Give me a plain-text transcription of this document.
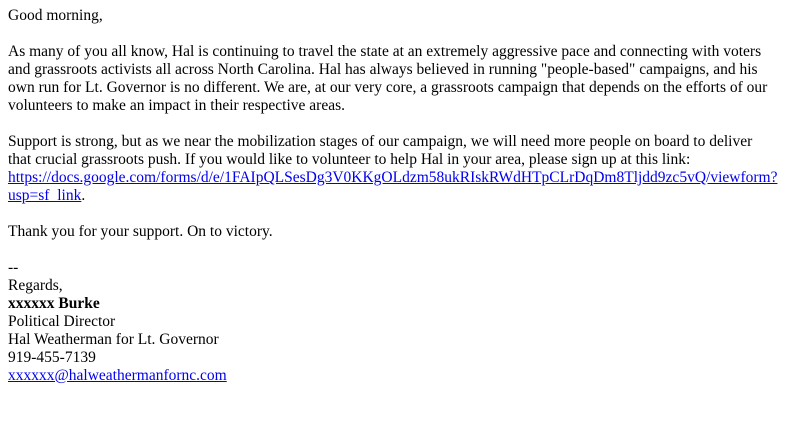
Good morning,
As many of you all know, Hal is continuing to travel the state at an extremely aggressive pace and connecting with voters
and grassroots activists all across North Carolina. Hal has always believed in running "people-based" campaigns, and his
own run for Lt. Governor is no different. We are, at our very core, a grassroots campaign that depends on the efforts of our
volunteers to make an impact in their respective areas.
Support is strong, but as we near the mobilization stages of our campaign, we will need more people on board to deliver
that crucial grassroots push. If you would like to volunteer to help Hal in your area, please sign up at this link:
https://docs.google.com/forms/d/e/1FAIpQLSesDg3V0KKgOLdzm58ukRIskRWdHTpCLrDqDm8Tljdd9zc5vQ/viewform?
usp=sf_link.
Thank you for your support. On to victory.
--
Regards,
xxxxxx Burke
Political Director
Hal Weatherman for Lt. Governor
919-455-7139
xxxxxx@halweathermanfornc.com
